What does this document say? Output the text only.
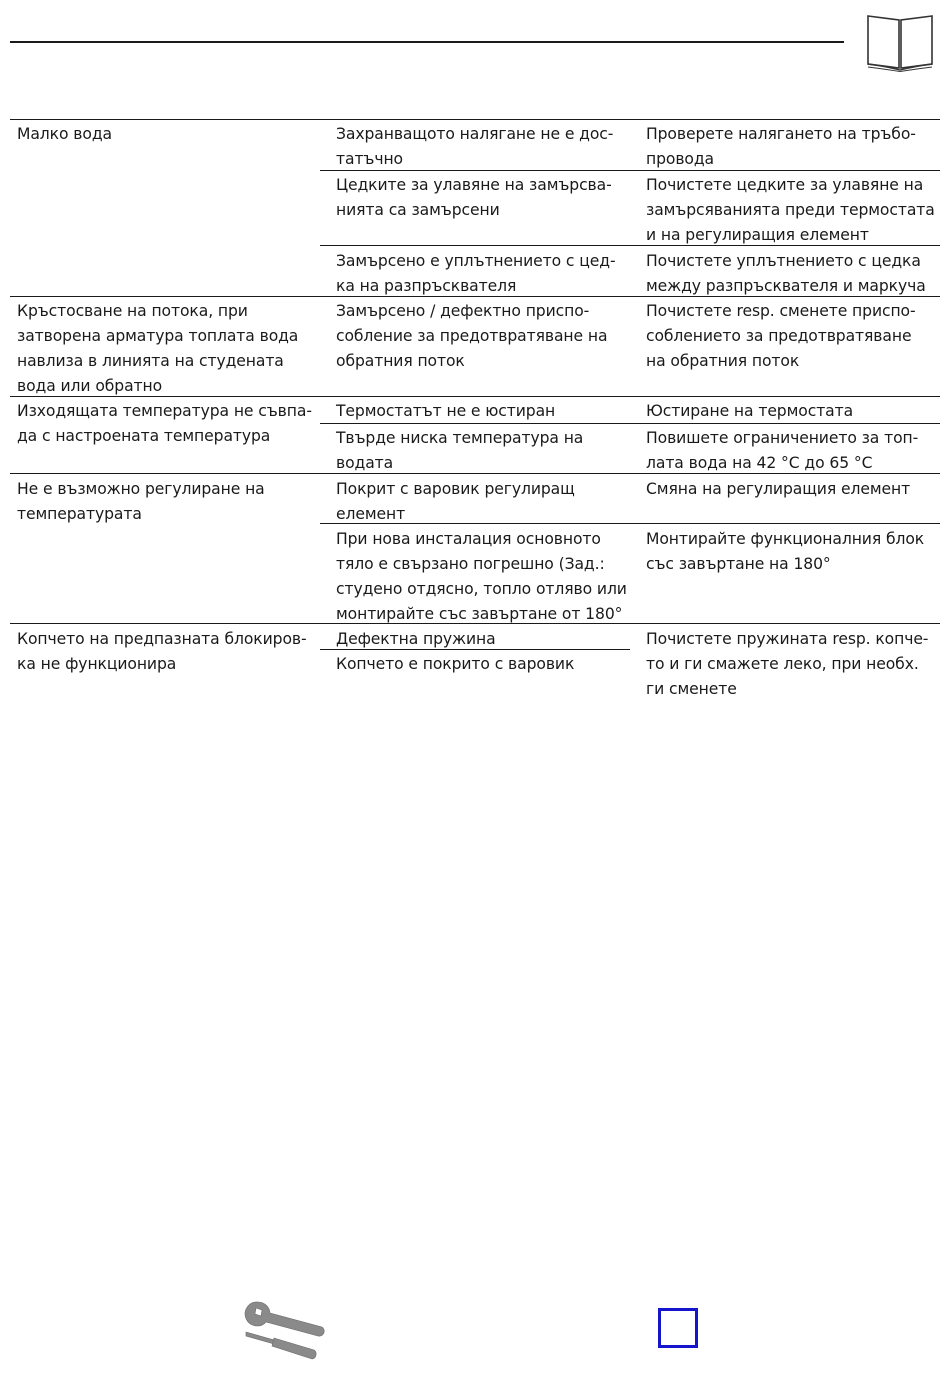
Малко вода
Кръстосване на потока, при
затворена арматура топлата вода
навлиза в линията на студената
вода или обратно
Изходящата температура не съвпа-
да с настроената температура
Не е възможно регулиране на
температурата
Копчето на предпазната блокиров-
ка не функционира
Захранващото налягане не е дос-
татъчно
Цедките за улавяне на замърсва-
нията са замърсени
Замърсено е уплътнението с цед-
ка на разпръсквателя
Замърсено / дефектно приспо-
собление за предотвратяване на
обратния поток
Термостатът не е юстиран
Твърде ниска температура на
водата
Покрит с варовик регулиращ
елемент
При нова инсталация основното
тяло е свързано погрешно (Зад.:
студено отдясно, топло отляво или
монтирайте със завъртане от 180°
Дефектна пружина
Копчето е покрито с варовик
Проверете налягането на тръбо-
провода
Почистете цедките за улавяне на
замърсяванията преди термостата
и на регулиращия елемент
Почистете уплътнението с цедка
между разпръсквателя и маркуча
Почистете resp. сменете приспо-
соблението за предотвратяване
на обратния поток
Юстиране на термостата
Повишете ограничението за топ-
лата вода на 42 °C до 65 °C
Смяна на регулиращия елемент
Монтирайте функционалния блок
със завъртане на 180°
Почистете пружината resp. копче-
то и ги смажете леко, при необх.
ги сменете
